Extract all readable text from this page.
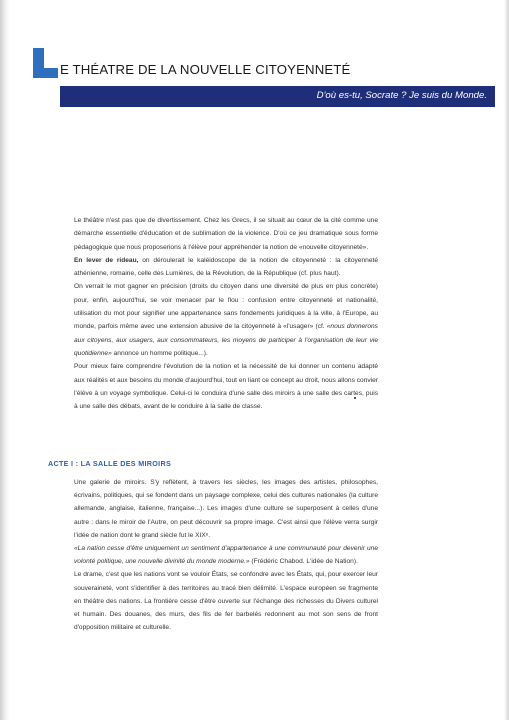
E THÉATRE DE LA NOUVELLE CITOYENNETÉ
D'où es-tu, Socrate ? Je suis du Monde.

Le théâtre n'est pas que de divertissement. Chez les Grecs, il se situait au cœur de la cité comme une démarche essentielle d'éducation et de sublimation de la violence. D'où ce jeu dramatique sous forme pédagogique que nous proposerions à l'élève pour appréhender la notion de «nouvelle citoyenneté».

En lever de rideau, on déroulerait le kaléidoscope de la notion de citoyenneté : la citoyenneté athénienne, romaine, celle des Lumières, de la Révolution, de la République (cf. plus haut).

On verrait le mot gagner en précision (droits du citoyen dans une diversité de plus en plus concrète) pour, enfin, aujourd'hui, se voir menacer par le flou : confusion entre citoyenneté et nationalité, utilisation du mot pour signifier une appartenance sans fondements juridiques à la ville, à l'Europe, au monde, parfois même avec une extension abusive de la citoyenneté à «l'usager» (cf. «nous donnerons aux citoyens, aux usagers, aux consommateurs, les moyens de participer à l'organisation de leur vie quotidienne» annonce un homme politique...).

Pour mieux faire comprendre l'évolution de la notion et la nécessité de lui donner un contenu adapté aux réalités et aux besoins du monde d'aujourd'hui, tout en liant ce concept au droit, nous allons convier l'élève à un voyage symbolique. Celui-ci le conduira d'une salle des miroirs à une salle des cartes, puis à une salle des débats, avant de le conduire à la salle de classe.

ACTE I : LA SALLE DES MIROIRS

Une galerie de miroirs. S'y reflètent, à travers les siècles, les images des artistes, philosophes, écrivains, politiques, qui se fondent dans un paysage complexe, celui des cultures nationales (la culture allemande, anglaise, italienne, française...). Les images d'une culture se superposent à celles d'une autre : dans le miroir de l'Autre, on peut découvrir sa propre image. C'est ainsi que l'élève verra surgir l'idée de nation dont le grand siècle fut le XIXᵉ.

«La nation cesse d'être uniquement un sentiment d'appartenance à une communauté pour devenir une volonté politique, une nouvelle divinité du monde moderne.» (Frédéric Chabod. L'idée de Nation).

Le drame, c'est que les nations vont se vouloir États, se confondre avec les États, qui, pour exercer leur souveraineté, vont s'identifier à des territoires au tracé bien délimité. L'espace européen se fragmente en théâtre des nations. La frontière cesse d'être ouverte sur l'échange des richesses du Divers culturel et humain. Des douanes, des murs, des fils de fer barbelés redonnent au mot son sens de front d'opposition militaire et culturelle.
